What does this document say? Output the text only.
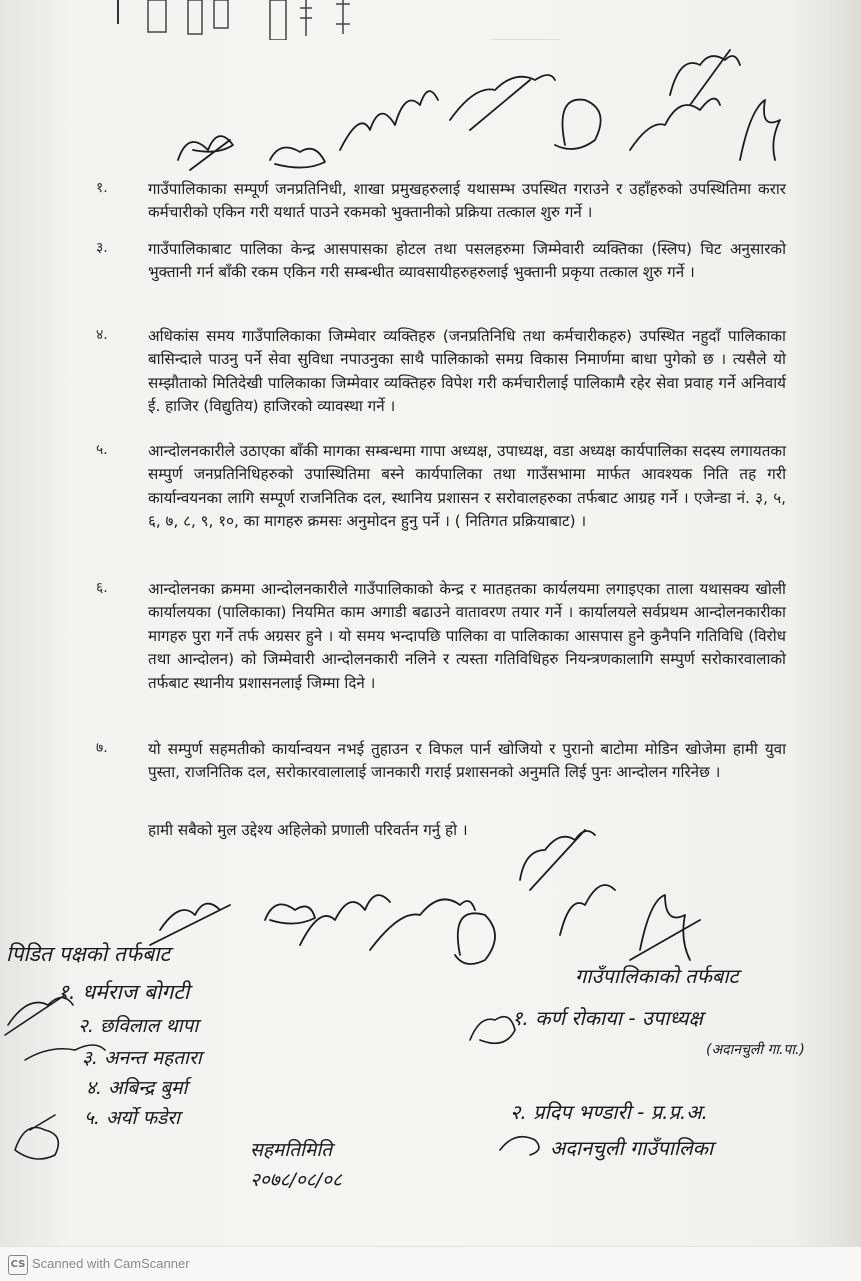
१.	गाउँपालिकाका सम्पूर्ण जनप्रतिनिधी, शाखा प्रमुखहरुलाई यथासम्भ उपस्थित गराउने र उहाँहरुको उपस्थितिमा करार कर्मचारीको एकिन गरी यथार्त पाउने रकमको भुक्तानीको प्रक्रिया तत्काल शुरु गर्ने ।
३.	गाउँपालिकाबाट पालिका केन्द्र आसपासका होटल तथा पसलहरुमा जिम्मेवारी व्यक्तिका (स्लिप) चिट अनुसारको भुक्तानी गर्न बाँकी रकम एकिन गरी सम्बन्धीत व्यावसायीहरुहरुलाई भुक्तानी प्रकृया तत्काल शुरु गर्ने ।
४.	अधिकांस समय गाउँपालिकाका जिम्मेवार व्यक्तिहरु (जनप्रतिनिधि तथा कर्मचारीकहरु) उपस्थित नहुदाँ पालिकाका बासिन्दाले पाउनु पर्ने सेवा सुविधा नपाउनुका साथै पालिकाको समग्र विकास निमार्णमा बाधा पुगेको छ । त्यसैले यो सम्झौताको मितिदेखी पालिकाका जिम्मेवार व्यक्तिहरु विपेश गरी कर्मचारीलाई पालिकामै रहेर सेवा प्रवाह गर्ने अनिवार्य ई. हाजिर (विद्युतिय) हाजिरको व्यावस्था गर्ने ।
५.	आन्दोलनकारीले उठाएका बाँकी मागका सम्बन्धमा गापा अध्यक्ष, उपाध्यक्ष, वडा अध्यक्ष कार्यपालिका सदस्य लगायतका सम्पुर्ण जनप्रतिनिधिहरुको उपास्थितिमा बस्ने कार्यपालिका तथा गाउँसभामा मार्फत आवश्यक निति तह गरी कार्यान्वयनका लागि सम्पूर्ण राजनितिक दल, स्थानिय प्रशासन र सरोवालहरुका तर्फबाट आग्रह गर्ने । एजेन्डा नं. ३, ५, ६, ७, ८, ९, १०, का मागहरु क्रमसः अनुमोदन हुनु पर्ने । ( नितिगत प्रक्रियाबाट) ।
६.	आन्दोलनका क्रममा आन्दोलनकारीले गाउँपालिकाको केन्द्र र मातहतका कार्यलयमा लगाइएका ताला यथासक्य खोली कार्यालयका (पालिकाका) नियमित काम अगाडी बढाउने वातावरण तयार गर्ने । कार्यालयले सर्वप्रथम आन्दोलनकारीका मागहरु पुरा गर्ने तर्फ अग्रसर हुने । यो समय भन्दापछि पालिका वा पालिकाका आसपास हुने कुनैपनि गतिविधि (विरोध तथा आन्दोलन) को जिम्मेवारी आन्दोलनकारी नलिने र त्यस्ता गतिविधिहरु नियन्त्रणकालागि सम्पुर्ण सरोकारवालाको तर्फबाट स्थानीय प्रशासनलाई जिम्मा दिने ।
७.	यो सम्पुर्ण सहमतीको कार्यान्वयन नभई तुहाउन र विफल पार्न खोजियो र पुरानो बाटोमा मोडिन खोजेमा हामी युवा पुस्ता, राजनितिक दल, सरोकारवालालाई जानकारी गराई प्रशासनको अनुमति लिई पुनः आन्दोलन गरिनेछ ।
हामी सबैको मुल उद्देश्य अहिलेको प्रणाली परिवर्तन गर्नु हो ।
पिडित पक्षको तर्फबाट
१. धर्मराज बोगटी
२. छविलाल थापा
३. अनन्त महतारा
४. अबिन्द्र बुर्मा
५. अर्यो फडेरा
गाउँपालिकाको तर्फबाट
१. कर्ण रोकाया - उपाध्यक्ष
(अदानचुली गा.पा.)
२. प्रदिप भण्डारी - प्र.प्र.अ.
अदानचुली गाउँपालिका
सहमतिमिति
२०७८/०८/०८
CS Scanned with CamScanner
